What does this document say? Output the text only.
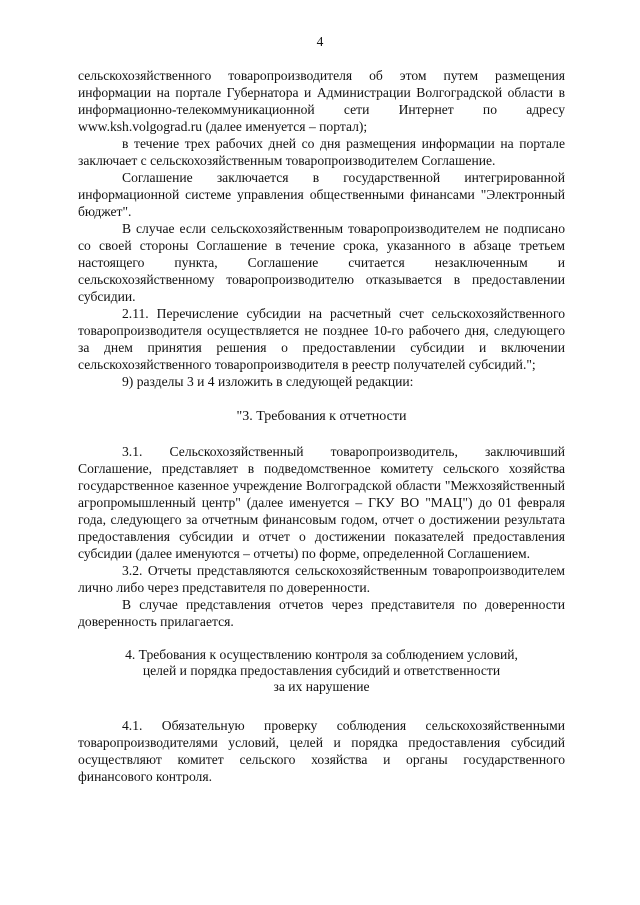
4

сельскохозяйственного товаропроизводителя об этом путем размещения информации на портале Губернатора и Администрации Волгоградской области в информационно-телекоммуникационной сети Интернет по адресу www.ksh.volgograd.ru (далее именуется – портал);

в течение трех рабочих дней со дня размещения информации на портале заключает с сельскохозяйственным товаропроизводителем Соглашение.

Соглашение заключается в государственной интегрированной информационной системе управления общественными финансами "Электронный бюджет".

В случае если сельскохозяйственным товаропроизводителем не подписано со своей стороны Соглашение в течение срока, указанного в абзаце третьем настоящего пункта, Соглашение считается незаключенным и сельскохозяйственному товаропроизводителю отказывается в предоставлении субсидии.

2.11. Перечисление субсидии на расчетный счет сельскохозяйственного товаропроизводителя осуществляется не позднее 10-го рабочего дня, следующего за днем принятия решения о предоставлении субсидии и включении сельскохозяйственного товаропроизводителя в реестр получателей субсидий.";

9) разделы 3 и 4 изложить в следующей редакции:

"3. Требования к отчетности

3.1. Сельскохозяйственный товаропроизводитель, заключивший Соглашение, представляет в подведомственное комитету сельского хозяйства государственное казенное учреждение Волгоградской области "Межхозяйственный агропромышленный центр" (далее именуется – ГКУ ВО "МАЦ") до 01 февраля года, следующего за отчетным финансовым годом, отчет о достижении результата предоставления субсидии и отчет о достижении показателей предоставления субсидии (далее именуются – отчеты) по форме, определенной Соглашением.

3.2. Отчеты представляются сельскохозяйственным товаропроизводителем лично либо через представителя по доверенности.

В случае представления отчетов через представителя по доверенности доверенность прилагается.

4. Требования к осуществлению контроля за соблюдением условий,
целей и порядка предоставления субсидий и ответственности
за их нарушение

4.1. Обязательную проверку соблюдения сельскохозяйственными товаропроизводителями условий, целей и порядка предоставления субсидий осуществляют комитет сельского хозяйства и органы государственного финансового контроля.
